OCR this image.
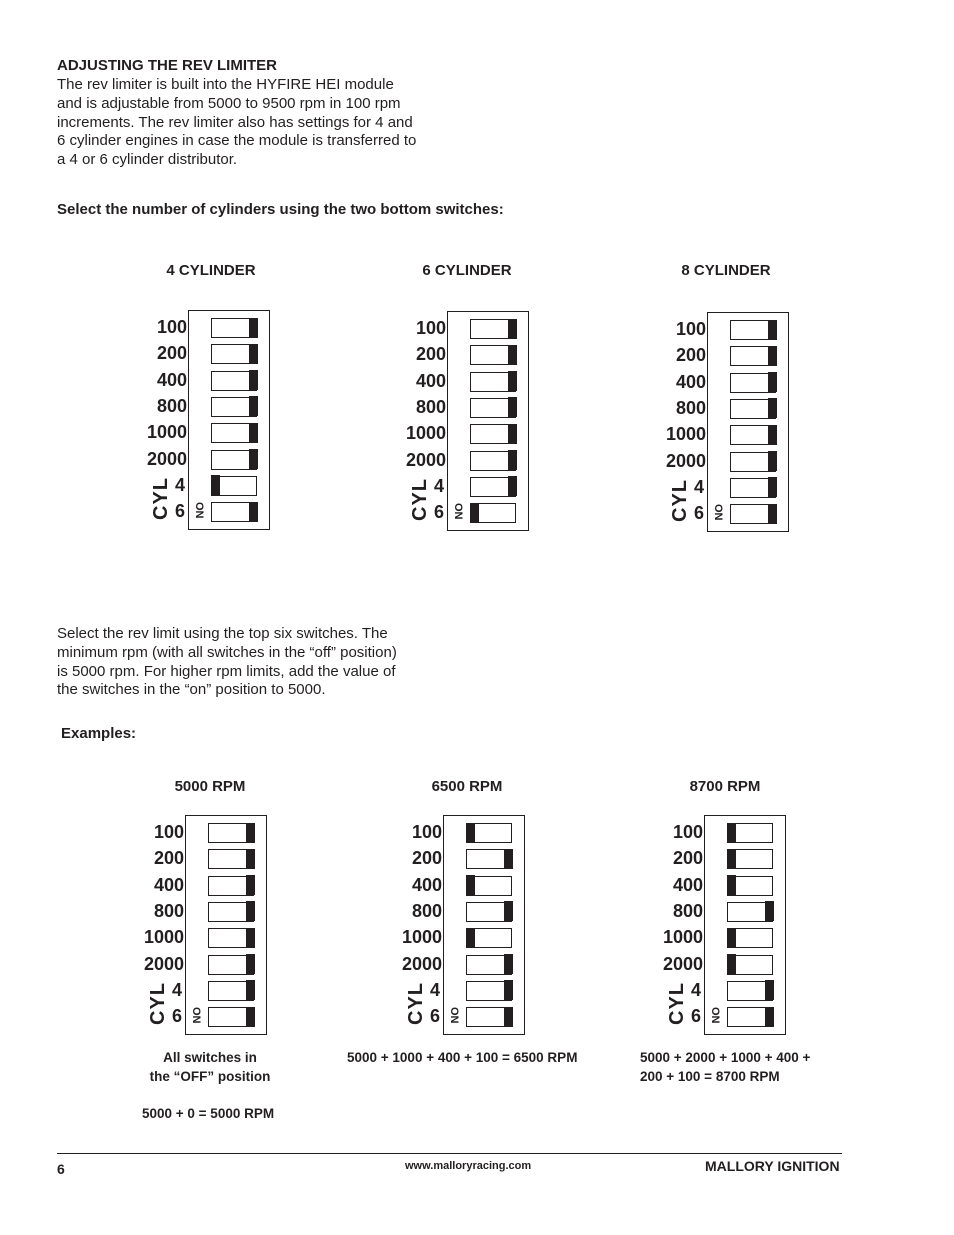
ADJUSTING THE REV LIMITER

The rev limiter is built into the HYFIRE HEI module

and is adjustable from 5000 to 9500 rpm in 100 rpm

increments. The rev limiter also has settings for 4 and

6 cylinder engines in case the module is transferred to

a 4 or 6 cylinder distributor.

Select the number of cylinders using the two bottom switches:
4 CYLINDER	6 CYLINDER	8 CYLINDER
100
200
400
800
1000
2000
4
6
CYL ON
100
200
400
800
1000
2000
4
6
CYL ON
100
200
400
800
1000
2000
4
6
CYL ON

Select the rev limit using the top six switches. The

minimum rpm (with all switches in the “off” position)

is 5000 rpm. For higher rpm limits, add the value of

the switches in the “on” position to 5000.

Examples:
5000 RPM	6500 RPM	8700 RPM
100
200
400
800
1000
2000
4
6
CYL ON
100
200
400
800
1000
2000
4
6
CYL ON
100
200
400
800
1000
2000
4
6
CYL ON
All switches in
the “OFF” position
5000 + 0 = 5000 RPM
5000 + 1000 + 400 + 100 = 6500 RPM	5000 + 2000 + 1000 + 400 +
200 + 100 = 8700 RPM
6	www.malloryracing.com	MALLORY IGNITION
